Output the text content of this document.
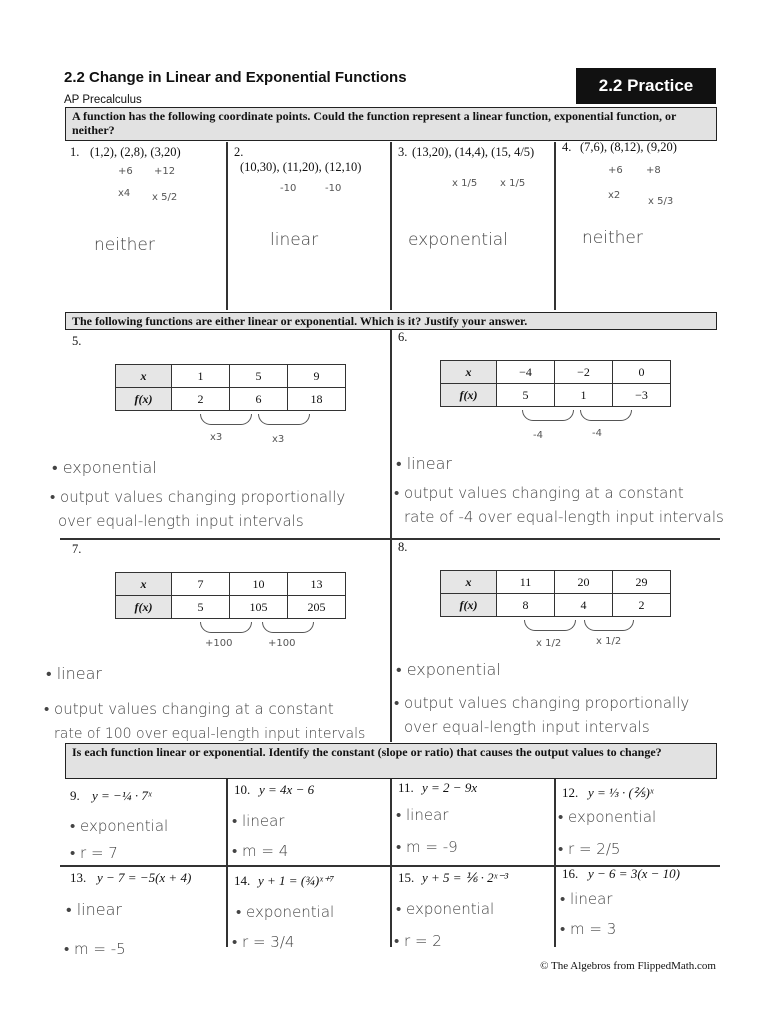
2.2 Change in Linear and Exponential Functions
AP Precalculus
2.2 Practice
A function has the following coordinate points. Could the function represent a linear function, exponential function, or neither?
1. (1,2), (2,8), (3,20)
+6 +12
x4 x 5/2
neither
2.
(10,30), (11,20), (12,10)
-10	-10
linear
3. (13,20), (14,4), (15, 4/5)
x 1/5 x 1/5
exponential
4. (7,6), (8,12), (9,20)
+6 +8
x2
x 5/3
neither
The following functions are either linear or exponential. Which is it? Justify your answer.
5.
x	1	5	9
f(x)	2	6	18
x3	x3
• exponential
• output values changing proportionally
over equal-length input intervals
6.
x	−4	−2	0
f(x)	5	1	−3
-4	-4
• linear
• output values changing at a constant
rate of -4 over equal-length input intervals
7.
x	7	10	13
f(x)	5	105	205
+100	+100
• linear
• output values changing at a constant
rate of 100 over equal-length input intervals
8.
x	11	20	29
f(x)	8	4	2
x 1/2	x 1/2
• exponential
• output values changing proportionally
over equal-length input intervals
Is each function linear or exponential. Identify the constant (slope or ratio) that causes the output values to change?
9. y = −¼ · 7ˣ
• exponential
• r = 7
10. y = 4x − 6
• linear
• m = 4
11. y = 2 − 9x
• linear
• m = -9
12. y = ⅓ · (⅖)ˣ
• exponential
• r = 2/5
13. y − 7 = −5(x + 4)
• linear
• m = -5
14. y + 1 = (¾)ˣ⁺⁷
• exponential
• r = 3/4
15. y + 5 = ⅙ · 2ˣ⁻³
• exponential
• r = 2
16. y − 6 = 3(x − 10)
• linear
• m = 3
© The Algebros from FlippedMath.com
